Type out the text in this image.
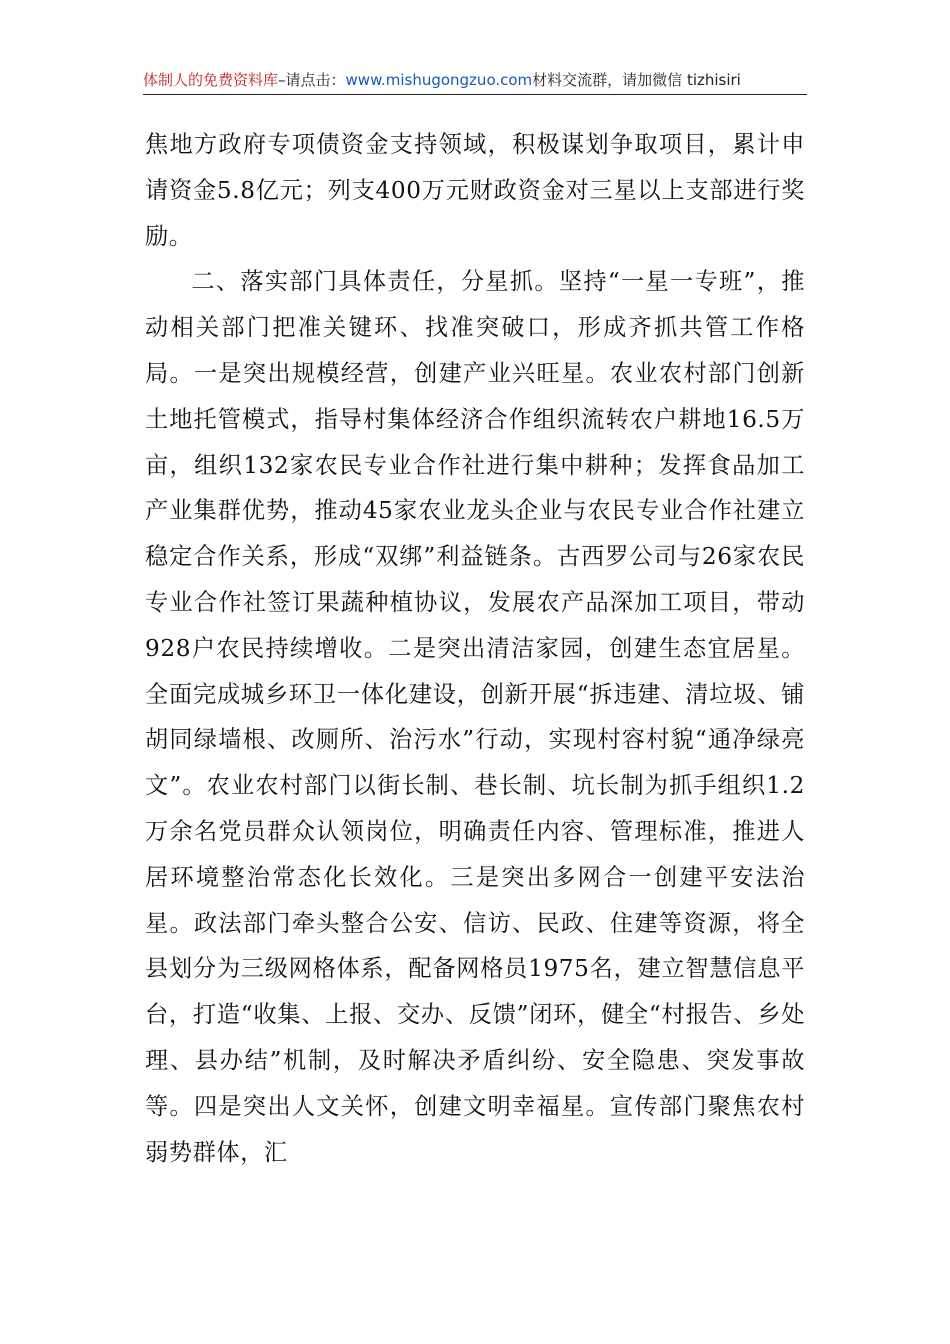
体制人的免费资料库–请点击：www.mishugongzuo.com材料交流群，请加微信 tizhisiri

焦地方政府专项债资金支持领域，积极谋划争取项目，累计申请资金5.8亿元；列支400万元财政资金对三星以上支部进行奖励。

二、落实部门具体责任，分星抓。坚持“一星一专班”，推动相关部门把准关键环、找准突破口，形成齐抓共管工作格局。一是突出规模经营，创建产业兴旺星。农业农村部门创新土地托管模式，指导村集体经济合作组织流转农户耕地16.5万亩，组织132家农民专业合作社进行集中耕种；发挥食品加工产业集群优势，推动45家农业龙头企业与农民专业合作社建立稳定合作关系，形成“双绑”利益链条。古西罗公司与26家农民专业合作社签订果蔬种植协议，发展农产品深加工项目，带动928户农民持续增收。二是突出清洁家园，创建生态宜居星。全面完成城乡环卫一体化建设，创新开展“拆违建、清垃圾、铺胡同绿墙根、改厕所、治污水”行动，实现村容村貌“通净绿亮文”。农业农村部门以街长制、巷长制、坑长制为抓手组织1.2万余名党员群众认领岗位，明确责任内容、管理标准，推进人居环境整治常态化长效化。三是突出多网合一创建平安法治星。政法部门牵头整合公安、信访、民政、住建等资源，将全县划分为三级网格体系，配备网格员1975名，建立智慧信息平台，打造“收集、上报、交办、反馈”闭环，健全“村报告、乡处理、县办结”机制，及时解决矛盾纠纷、安全隐患、突发事故等。四是突出人文关怀，创建文明幸福星。宣传部门聚焦农村弱势群体，汇
